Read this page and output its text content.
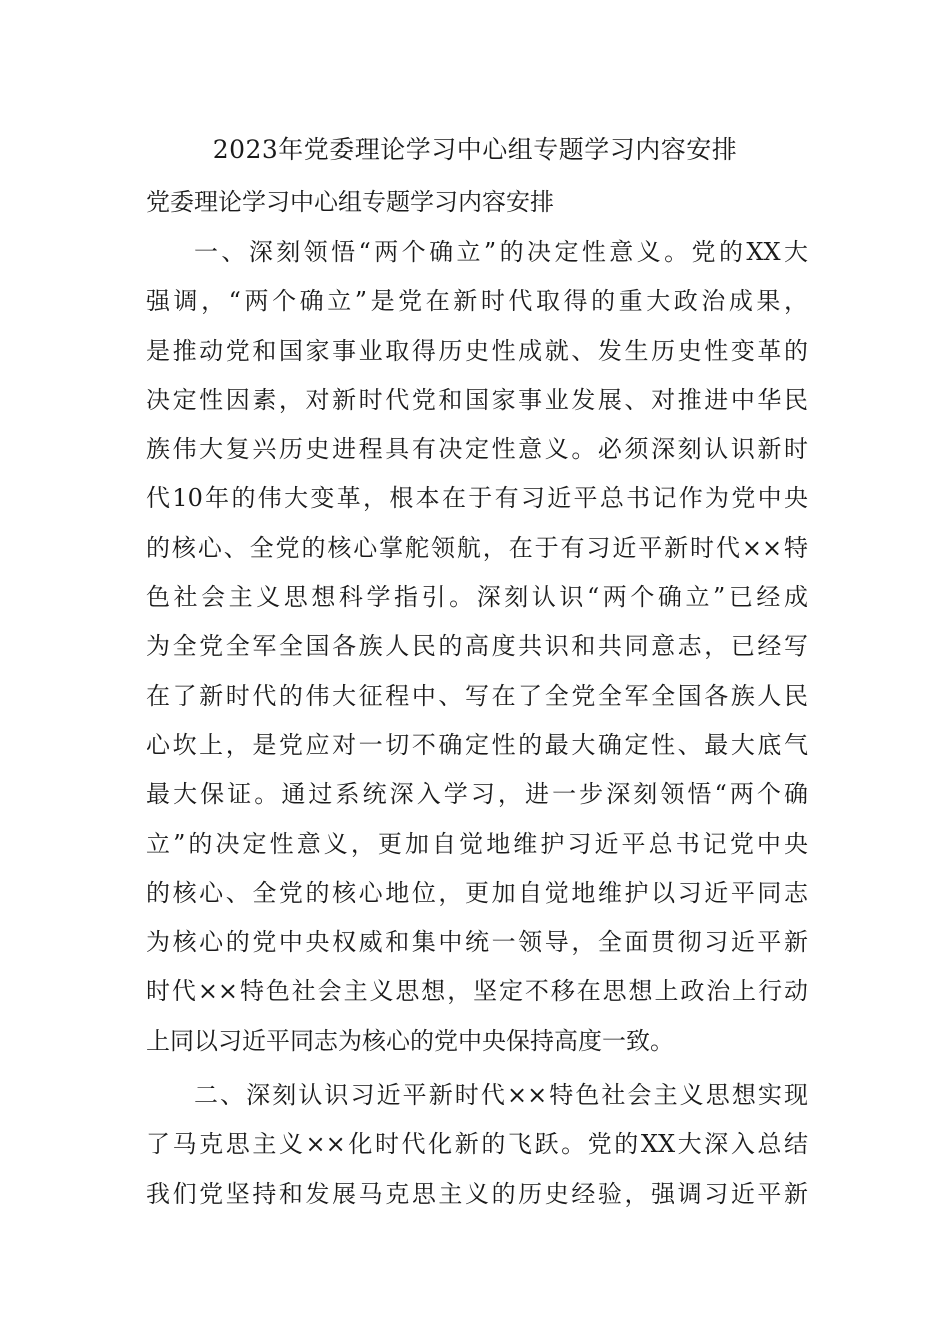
2023年党委理论学习中心组专题学习内容安排
党委理论学习中心组专题学习内容安排
一、深刻领悟“两个确立”的决定性意义。党的XX大
强调，“两个确立”是党在新时代取得的重大政治成果，
是推动党和国家事业取得历史性成就、发生历史性变革的
决定性因素，对新时代党和国家事业发展、对推进中华民
族伟大复兴历史进程具有决定性意义。必须深刻认识新时
代10年的伟大变革，根本在于有习近平总书记作为党中央
的核心、全党的核心掌舵领航，在于有习近平新时代××特
色社会主义思想科学指引。深刻认识“两个确立”已经成
为全党全军全国各族人民的高度共识和共同意志，已经写
在了新时代的伟大征程中、写在了全党全军全国各族人民
心坎上，是党应对一切不确定性的最大确定性、最大底气
最大保证。通过系统深入学习，进一步深刻领悟“两个确
立”的决定性意义，更加自觉地维护习近平总书记党中央
的核心、全党的核心地位，更加自觉地维护以习近平同志
为核心的党中央权威和集中统一领导，全面贯彻习近平新
时代××特色社会主义思想，坚定不移在思想上政治上行动
上同以习近平同志为核心的党中央保持高度一致。
二、深刻认识习近平新时代××特色社会主义思想实现
了马克思主义××化时代化新的飞跃。党的XX大深入总结
我们党坚持和发展马克思主义的历史经验，强调习近平新
